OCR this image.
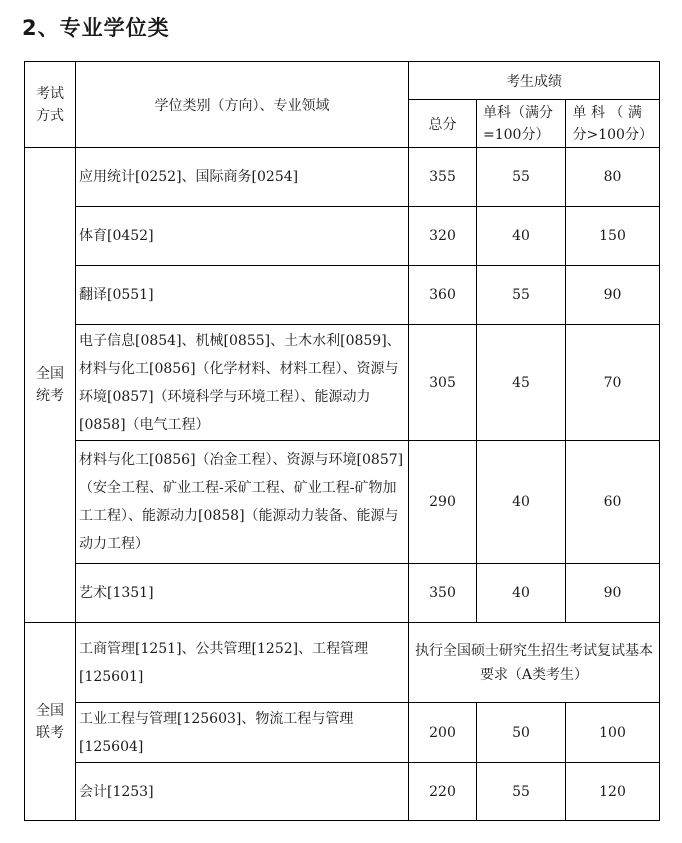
2、专业学位类
考试方式	学位类别（方向）、专业领域	考生成绩		
		总分	单科（满分=100分）	单 科 （ 满分>100分）

全国统考	应用统计[0252]、国际商务[0254]	355	55	80
	体育[0452]	320	40	150
	翻译[0551]	360	55	90
	电子信息[0854]、机械[0855]、土木水利[0859]、材料与化工[0856]（化学材料、材料工程）、资源与环境[0857]（环境科学与环境工程）、能源动力[0858]（电气工程）	305	45	70
	材料与化工[0856]（冶金工程）、资源与环境[0857]（安全工程、矿业工程-采矿工程、矿业工程-矿物加工工程）、能源动力[0858]（能源动力装备、能源与动力工程）	290	40	60
	艺术[1351]	350	40	90

全国联考	工商管理[1251]、公共管理[1252]、工程管理[125601]	执行全国硕士研究生招生考试复试基本要求（A类考生）		
	工业工程与管理[125603]、物流工程与管理[125604]	200	50	100
	会计[1253]	220	55	120
